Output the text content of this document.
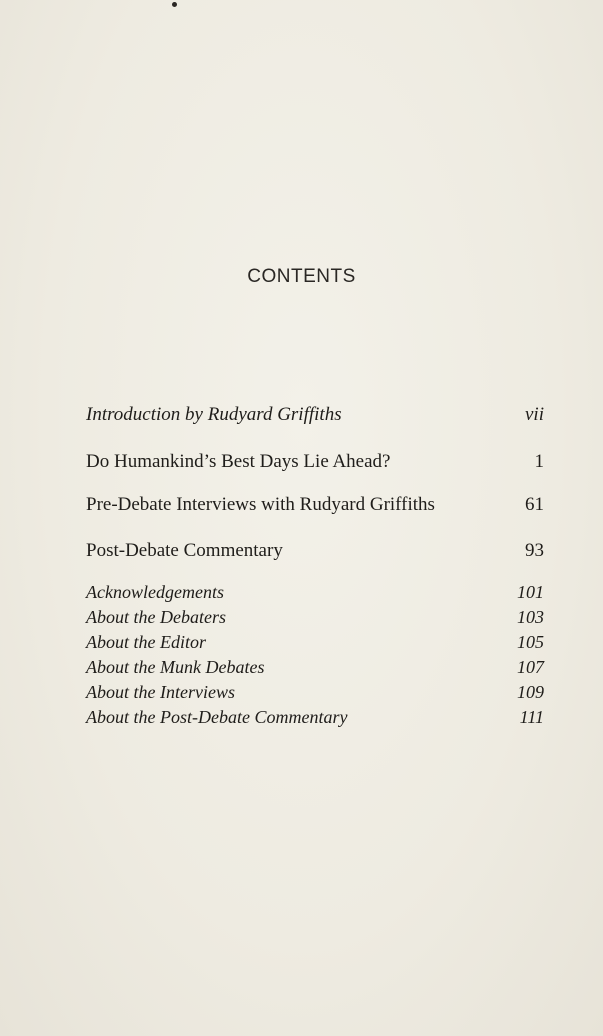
CONTENTS
Introduction by Rudyard Griffiths	vii
Do Humankind’s Best Days Lie Ahead?	1
Pre-Debate Interviews with Rudyard Griffiths	61
Post-Debate Commentary	93
Acknowledgements	101
About the Debaters	103
About the Editor	105
About the Munk Debates	107
About the Interviews	109
About the Post-Debate Commentary	111
